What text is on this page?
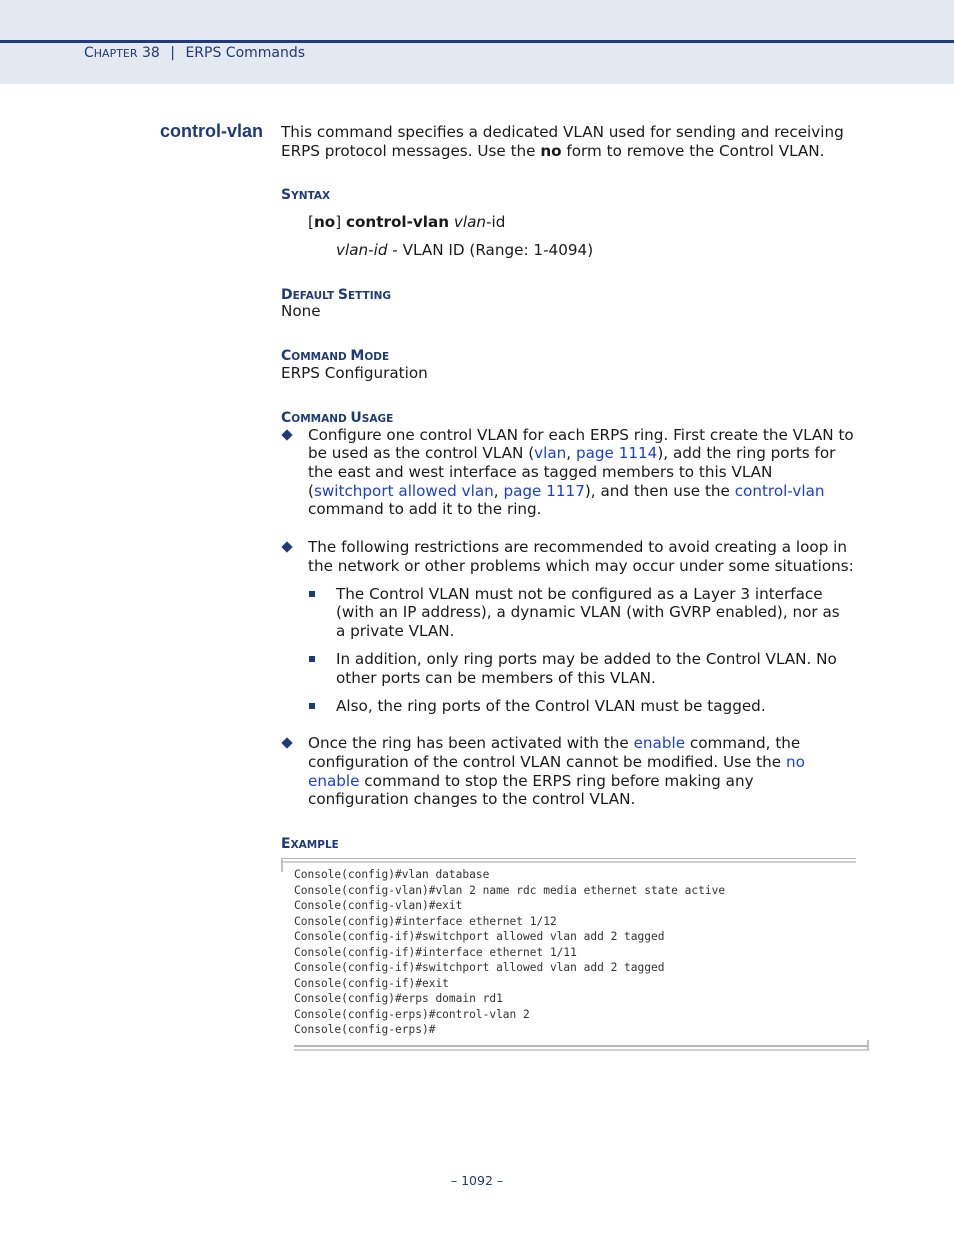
CHAPTER 38 | ERPS Commands
control-vlan This command specifies a dedicated VLAN used for sending and receiving
ERPS protocol messages. Use the no form to remove the Control VLAN.
SYNTAX
[no] control-vlan vlan-id
vlan-id - VLAN ID (Range: 1-4094)
DEFAULT SETTING
None
COMMAND MODE
ERPS Configuration
COMMAND USAGE
Configure one control VLAN for each ERPS ring. First create the VLAN to
be used as the control VLAN (vlan, page 1114), add the ring ports for
the east and west interface as tagged members to this VLAN
(switchport allowed vlan, page 1117), and then use the control-vlan
command to add it to the ring.
The following restrictions are recommended to avoid creating a loop in
the network or other problems which may occur under some situations:
The Control VLAN must not be configured as a Layer 3 interface
(with an IP address), a dynamic VLAN (with GVRP enabled), nor as
a private VLAN.
In addition, only ring ports may be added to the Control VLAN. No
other ports can be members of this VLAN.
Also, the ring ports of the Control VLAN must be tagged.
Once the ring has been activated with the enable command, the
configuration of the control VLAN cannot be modified. Use the no
enable command to stop the ERPS ring before making any
configuration changes to the control VLAN.
EXAMPLE
Console(config)#vlan database
Console(config-vlan)#vlan 2 name rdc media ethernet state active
Console(config-vlan)#exit
Console(config)#interface ethernet 1/12
Console(config-if)#switchport allowed vlan add 2 tagged
Console(config-if)#interface ethernet 1/11
Console(config-if)#switchport allowed vlan add 2 tagged
Console(config-if)#exit
Console(config)#erps domain rd1
Console(config-erps)#control-vlan 2
Console(config-erps)#
– 1092 –
